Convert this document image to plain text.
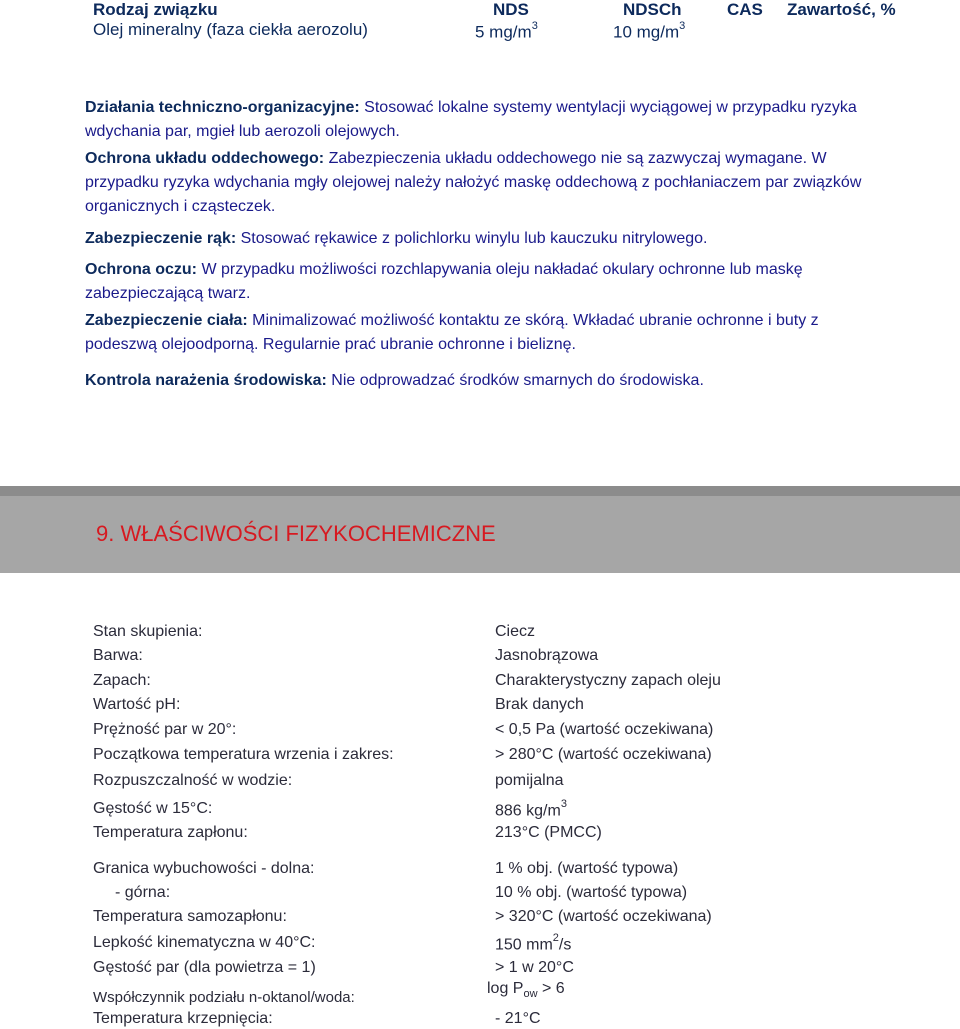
Rodzaj związku	NDS	NDSCh	CAS Zawartość, %
Olej mineralny (faza ciekła aerozolu)	5 $mg/m^3$	10 $mg/m^3$
Działania techniczno-organizacyjne: Stosować lokalne systemy wentylacji wyciągowej w przypadku ryzyka wdychania par, mgieł lub aerozoli olejowych.
Ochrona układu oddechowego: Zabezpieczenia układu oddechowego nie są zazwyczaj wymagane. W przypadku ryzyka wdychania mgły olejowej należy nałożyć maskę oddechową z pochłaniaczem par związków organicznych i cząsteczek.
Zabezpieczenie rąk: Stosować rękawice z polichlorku winylu lub kauczuku nitrylowego.
Ochrona oczu: W przypadku możliwości rozchlapywania oleju nakładać okulary ochronne lub maskę zabezpieczającą twarz.
Zabezpieczenie ciała: Minimalizować możliwość kontaktu ze skórą. Wkładać ubranie ochronne i buty z podeszwą olejoodporną. Regularnie prać ubranie ochronne i bieliznę.
Kontrola narażenia środowiska: Nie odprowadzać środków smarnych do środowiska.
9. WŁAŚCIWOŚCI FIZYKOCHEMICZNE
Stan skupienia:	Ciecz
Barwa:	Jasnobrązowa
Zapach:	Charakterystyczny zapach oleju
Wartość pH:	Brak danych
Prężność par w 20°:	< 0,5 Pa (wartość oczekiwana)
Początkowa temperatura wrzenia i zakres:	> 280°C (wartość oczekiwana)
Rozpuszczalność w wodzie:	pomijalna
Gęstość w 15°C:	886 $kg/m^3$
Temperatura zapłonu:	213°C (PMCC)
Granica wybuchowości - dolna:	1 % obj. (wartość typowa)
- górna:	10 % obj. (wartość typowa)
Temperatura samozapłonu:	> 320°C (wartość oczekiwana)
Lepkość kinematyczna w 40°C:	150 $mm^2/s$
Gęstość par (dla powietrza = 1)	> 1 w 20°C
Współczynnik podziału n-oktanol/woda:
$\log P_{ow} > 6$
Temperatura krzepnięcia:	- 21°C
